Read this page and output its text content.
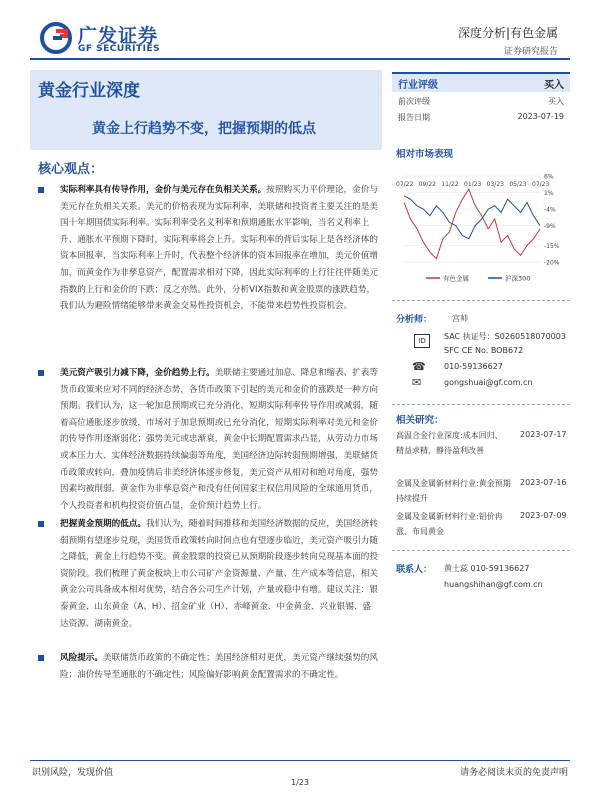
广发证券
GF SECURITIES
深度分析|有色金属
证券研究报告
黄金行业深度
黄金上行趋势不变，把握预期的低点
核心观点：
实际利率具有传导作用，金价与美元存在负相关关系。按照购买力平价理论，金价与美元存在负相关关系。美元的价格表现为实际利率，美联储和投资者主要关注的是美国十年期国债实际利率。实际利率受名义利率和预期通胀水平影响，当名义利率上升、通胀水平预期下降时，实际利率将会上升。实际利率的背后实际上是各经济体的资本回报率，当实际利率上升时，代表整个经济体的资本回报率在增加，美元价值增加，而黄金作为非孳息资产，配置需求相对下降，因此实际利率的上行往往伴随美元指数的上行和金价的下跌；反之亦然。此外，分析VIX指数和黄金股票的涨跌趋势，我们认为避险情绪能够带来黄金交易性投资机会，不能带来趋势性投资机会。
美元资产吸引力减下降，金价趋势上行。美联储主要通过加息、降息和缩表、扩表等货币政策来应对不同的经济态势，各货币政策下引起的美元和金价的涨跌是一种方向预期。我们认为，这一轮加息预期或已充分消化，短期实际利率传导作用或减弱，随着高位通胀逐步放缓，市场对于加息预期或已充分消化，短期实际利率对美元和金价的传导作用逐渐弱化；强势美元或忠渐衰，黄金中长期配置需求凸显，从劳动力市场或本压力大、实体经济数据持续偏弱等角度，美国经济边际转弱预期增强，美联储货币政策或转向，叠加疫情后非美经济体逐步修复，美元资产从相对和绝对角度，强势因素均被削弱，黄金作为非孳息资产和没有任何国家主权信用风险的全球通用货币，个人投资者和机构投资价值凸显，金价预计趋势上行。
把握黄金预期的低点。我们认为，随着时间推移和美国经济数据的反应，美国经济转弱预期有望逐步兑现，美国货币政策转向时间点也有望逐步临近，美元资产吸引力随之降低，黄金上行趋势不变。黄金股票的投资已从预期阶段逐步转向兑现基本面的投资阶段。我们梳理了黄金板块上市公司矿产金资源量、产量、生产成本等信息，相关黄金公司具备成本相对优势，结合各公司生产计划，产量或稳中有增。建议关注：银泰黄金、山东黄金（A、H）、招金矿业（H）、赤峰黄金、中金黄金、兴业银锡、盛达资源、湖南黄金。
风险提示。美联储货币政策的不确定性；美国经济相对更优，美元资产继续强势的风险；油价传导至通胀的不确定性；风险偏好影响黄金配置需求的不确定性。
行业评级	买入
前次评级	买入
报告日期	2023-07-19
相对市场表现
6%
1%
-4%
-9%
-15%
-20%
07/22 09/22 11/22 01/23 03/23 05/23 07/23
有色金属	沪深300
分析师： 宫帅
ID	SAC 执证号：S0260518070003
SFC CE No. BOB672
☎ 010-59136627
✉	gongshuai@gf.com.cn
相关研究：
高温合金行业深度:成本回归、精益求精，静待盈利改善
2023-07-17
金属及金属新材料行业:黄金预期持续提升
2023-07-16
金属及金属新材料行业:铝价冉涨、布局黄金
2023-07-09
联系人： 黄士蕊 010-59136627
huangshihan@gf.com.cn
识别风险，发现价值	请务必阅读末页的免责声明
1/23
